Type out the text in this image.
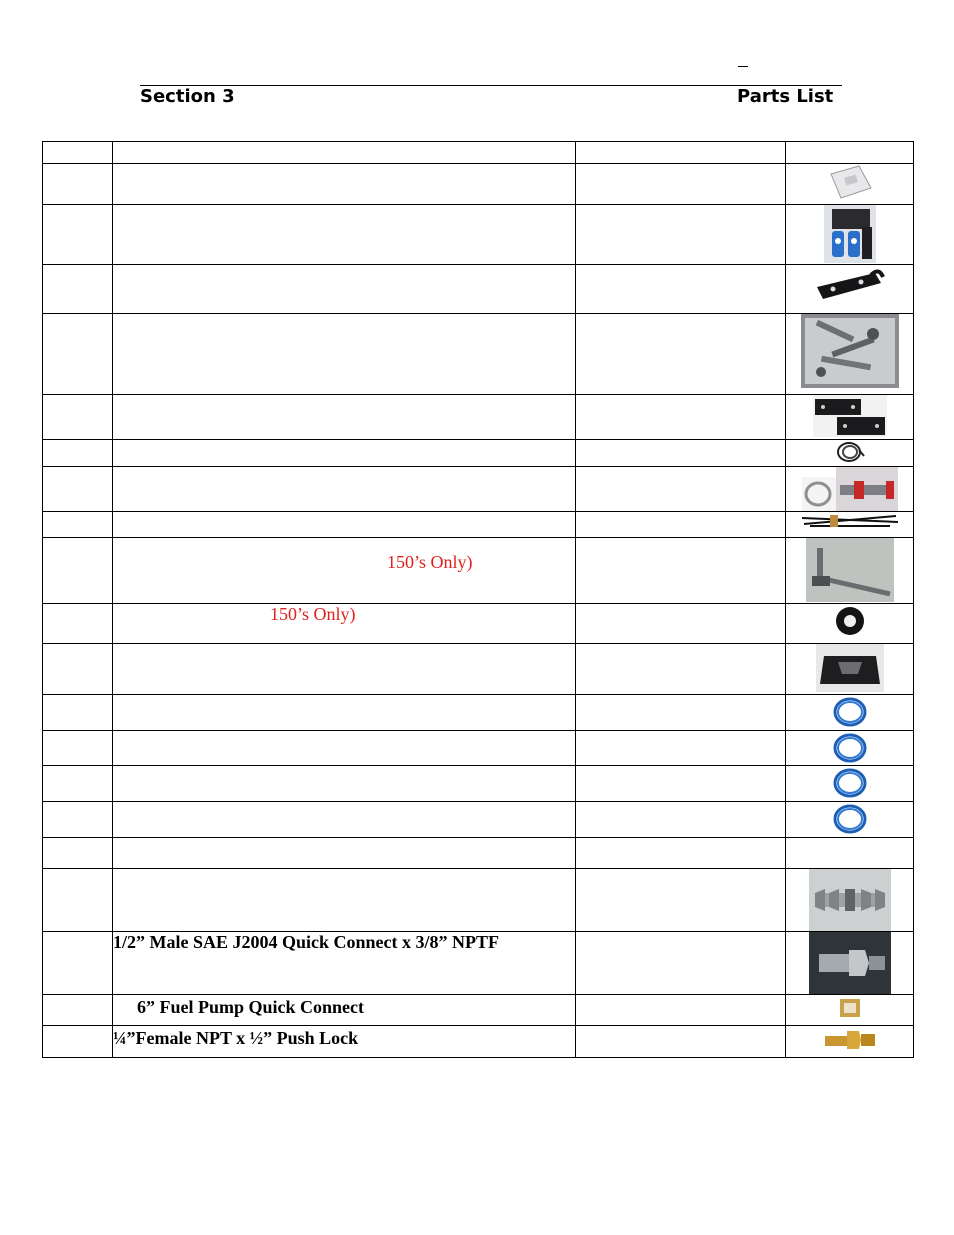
Section 3	Parts List

	150’s Only)		

	150’s Only)		

	1/2” Male SAE J2004 Quick Connect x 3/8” NPTF		

	6” Fuel Pump Quick Connect		

	¼”Female NPT x ½” Push Lock		
